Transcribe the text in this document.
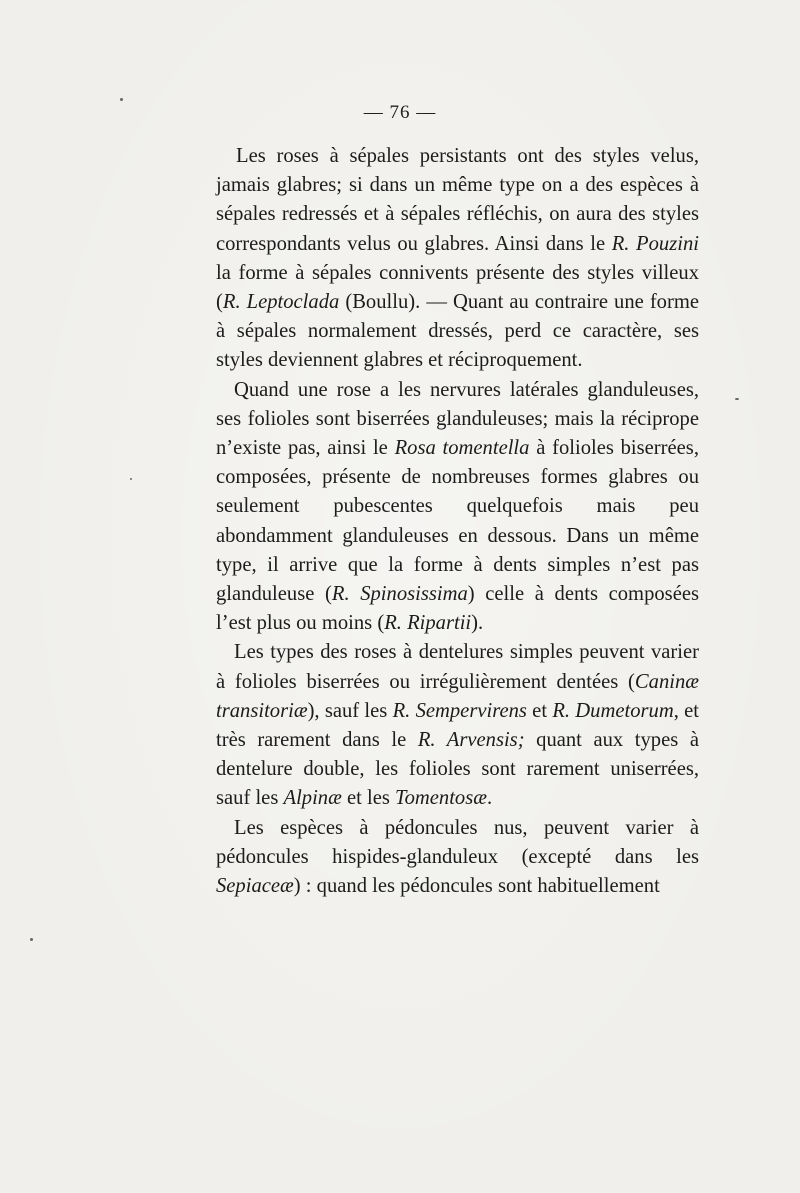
— 76 —

Les roses à sépales persistants ont des styles velus, jamais glabres; si dans un même type on a des espèces à sépales redressés et à sépales réfléchis, on aura des styles correspondants velus ou glabres. Ainsi dans le R. Pouzini la forme à sépales connivents présente des styles villeux (R. Leptoclada (Boullu). — Quant au contraire une forme à sépales normalement dressés, perd ce caractère, ses styles deviennent glabres et réciproquement.

Quand une rose a les nervures latérales glanduleuses, ses folioles sont biserrées glanduleuses; mais la réciprope n’existe pas, ainsi le Rosa tomentella à folioles biserrées, composées, présente de nombreuses formes glabres ou seulement pubescentes quelquefois mais peu abondamment glanduleuses en dessous. Dans un même type, il arrive que la forme à dents simples n’est pas glanduleuse (R. Spinosissima) celle à dents composées l’est plus ou moins (R. Ripartii).

Les types des roses à dentelures simples peuvent varier à folioles biserrées ou irrégulièrement dentées (Caninæ transitoriæ), sauf les R. Sempervirens et R. Dumetorum, et très rarement dans le R. Arvensis; quant aux types à dentelure double, les folioles sont rarement uniserrées, sauf les Alpinæ et les Tomentosæ.

Les espèces à pédoncules nus, peuvent varier à pédoncules hispides-glanduleux (excepté dans les Sepiaceæ) : quand les pédoncules sont habituellement
